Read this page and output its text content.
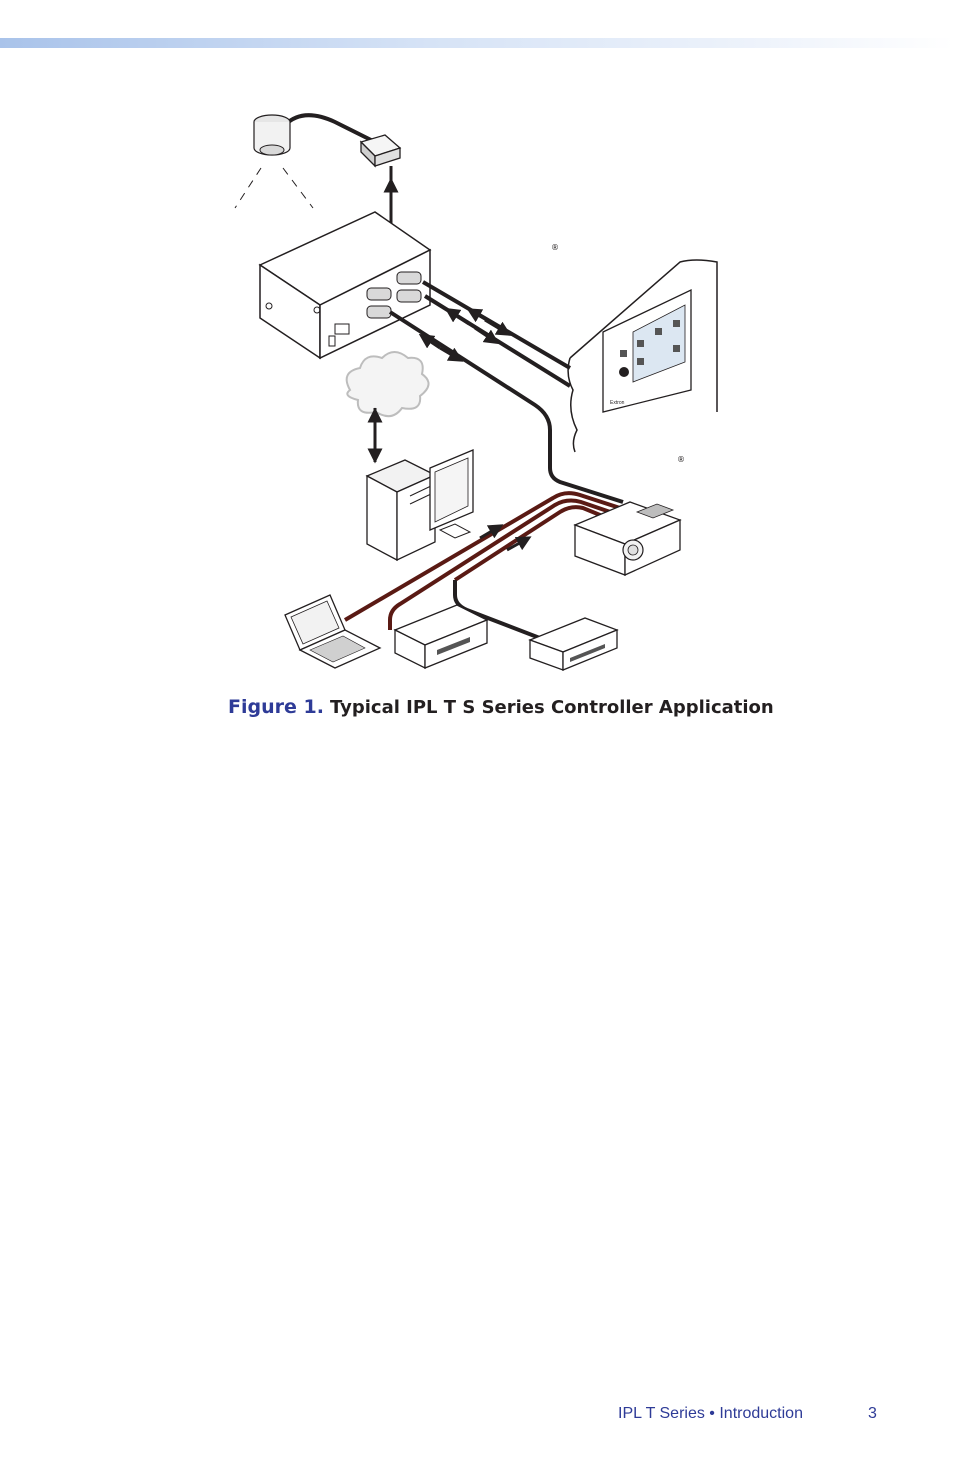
Extron
®
®
Figure 1. Typical IPL T S Series Controller Application
IPL T Series • Introduction	3
